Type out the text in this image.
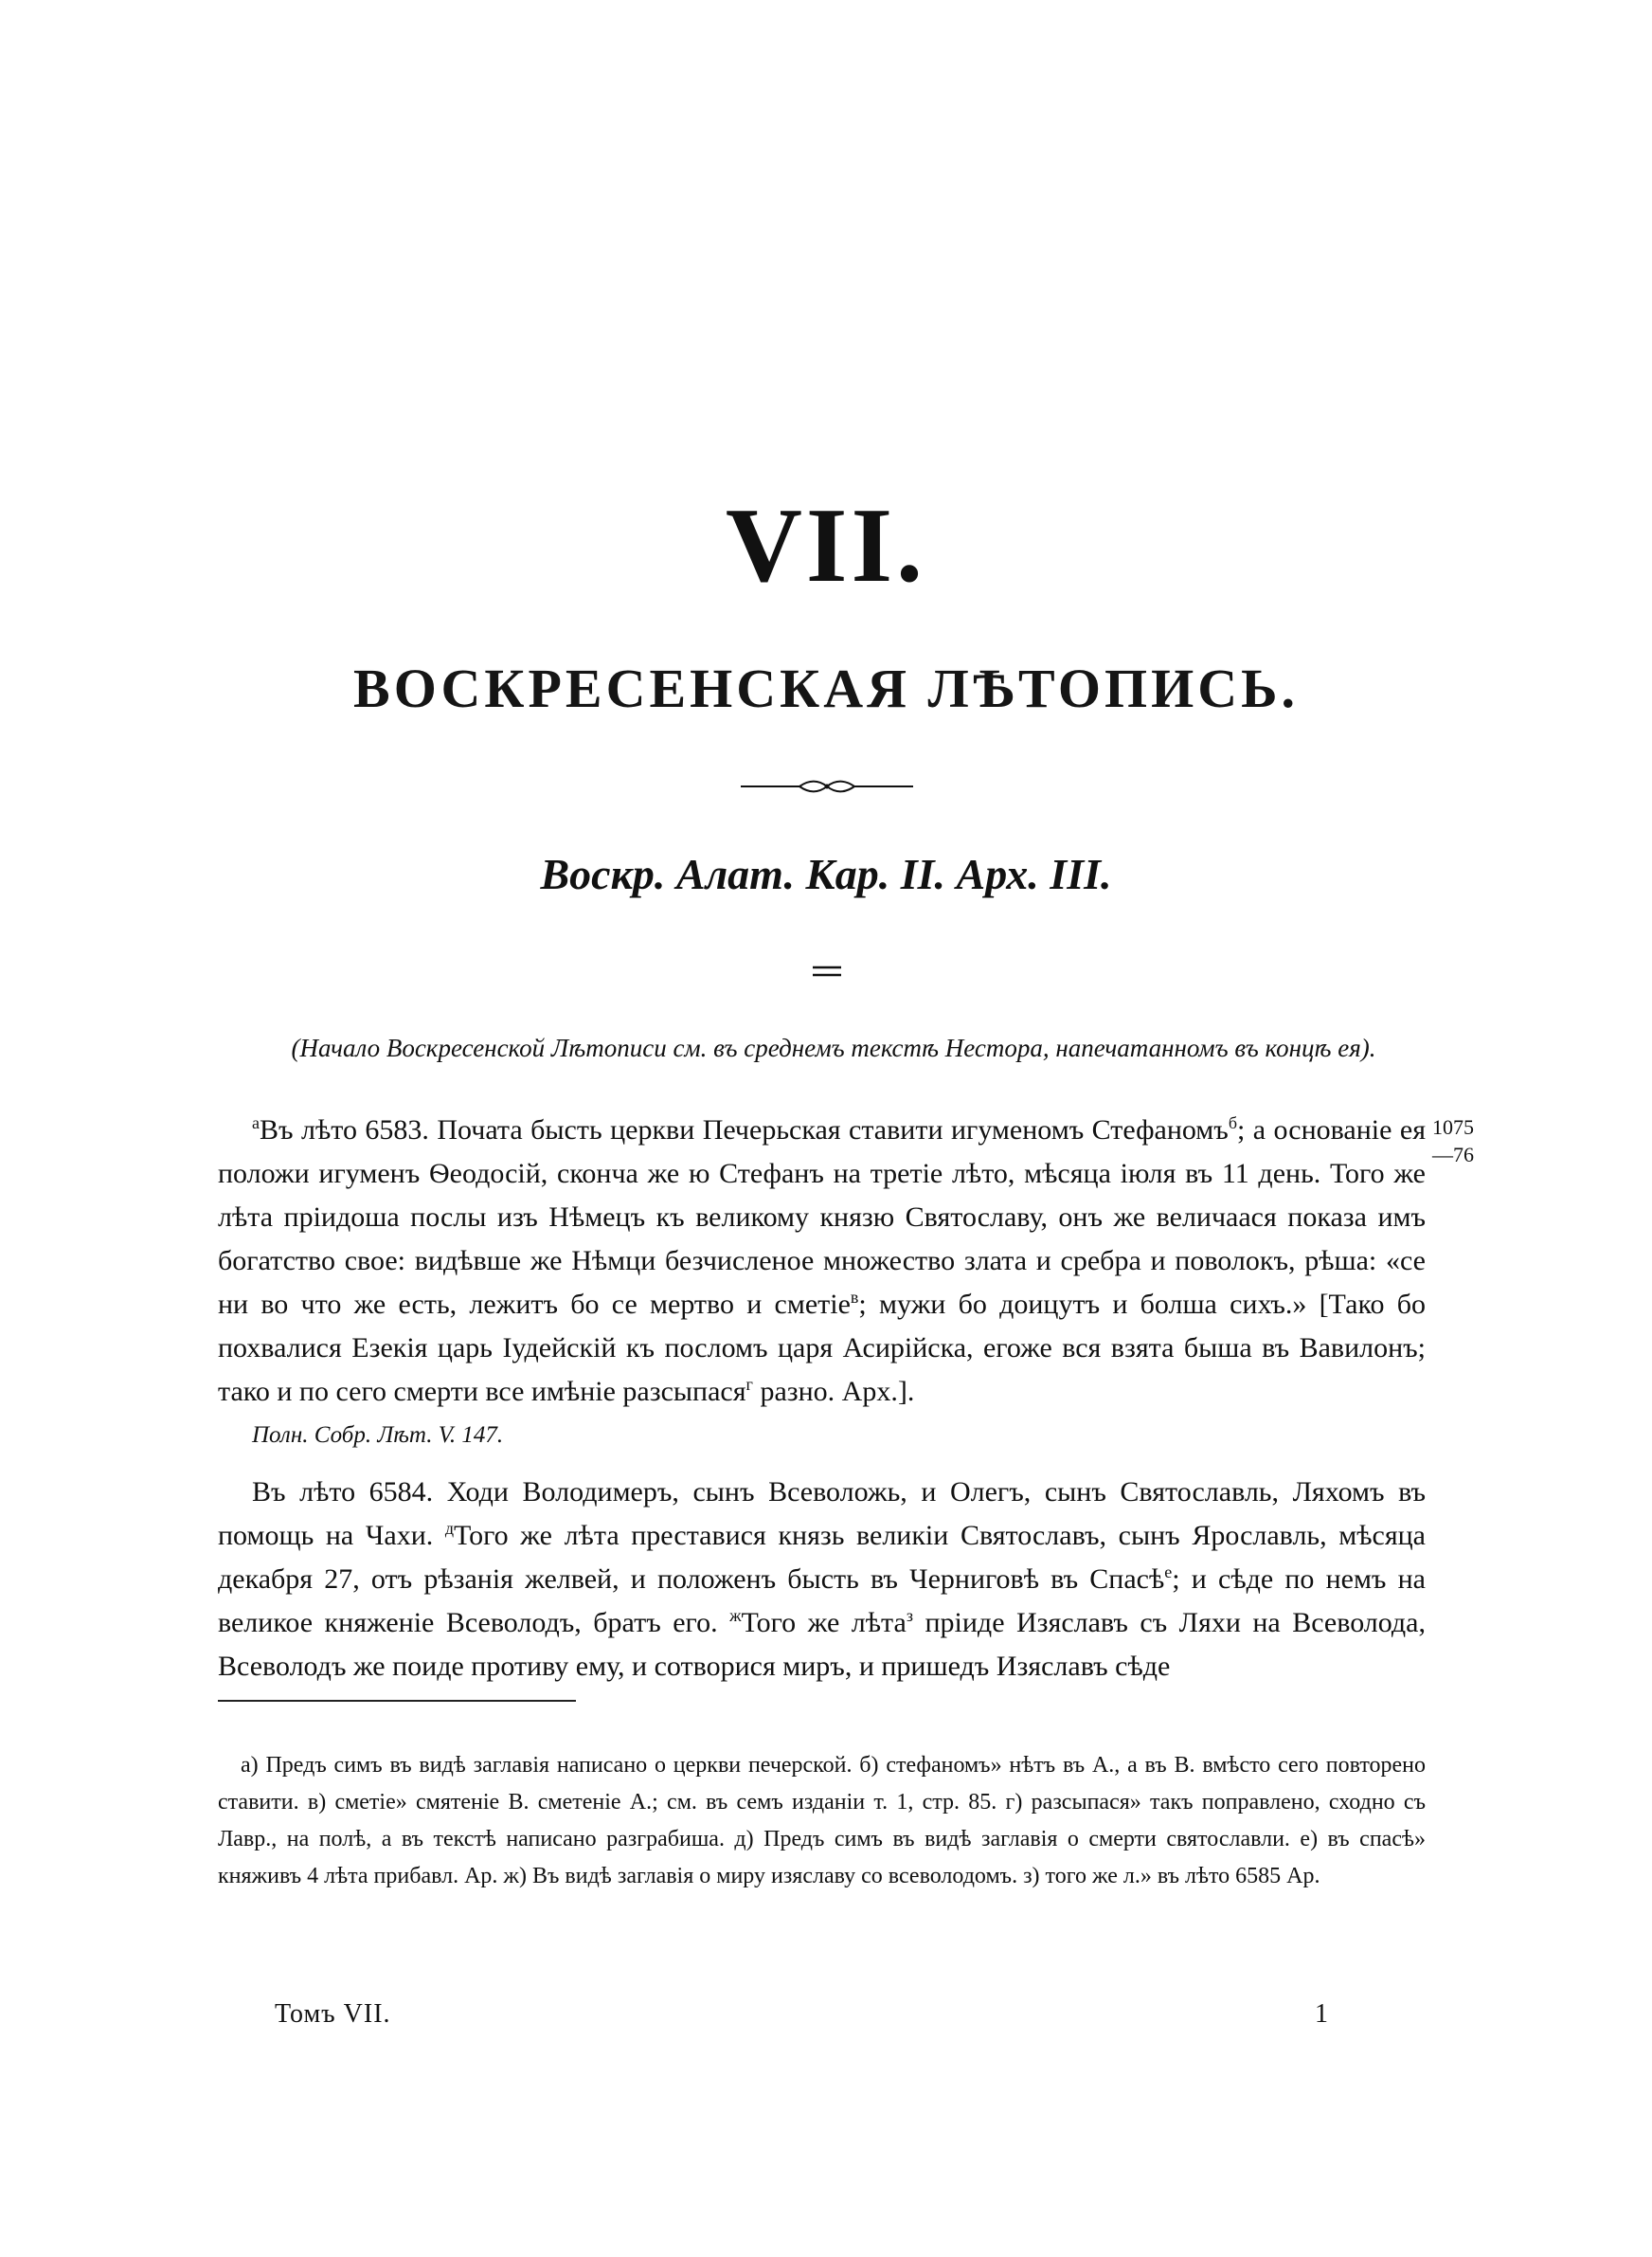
VII.
ВОСКРЕСЕНСКАЯ ЛѢТОПИСЬ.
Воскр. Алат. Кар. II. Арх. III.
(Начало Воскресенской Лѣтописи см. въ среднемъ текстѣ Нестора, напечатанномъ въ концѣ ея).
1075
—76

$^а$Въ лѣто 6583. Почата бысть церкви Печерьская ставити игуменомъ Стефаномъ$^б$; а основаніе ея положи игуменъ Ѳеодосій, сконча же ю Стефанъ на третіе лѣто, мѣсяца іюля въ 11 день. Того же лѣта пріидоша послы изъ Нѣмецъ къ великому князю Святославу, онъ же величаася показа имъ богатство свое: видѣвше же Нѣмци безчисленое множество злата и сребра и поволокъ, рѣша: «се ни во что же есть, лежитъ бо се мертво и сметіе$^в$; мужи бо доицутъ и болша сихъ.» [Тако бо похвалися Езекія царь Іудейскій къ посломъ царя Асирійска, егоже вся взята быша въ Вавилонъ; тако и по сего смерти все имѣніе разсыпася$^г$ разно. Арх.].

Полн. Собр. Лѣт. V. 147.

Въ лѣто 6584. Ходи Володимеръ, сынъ Всеволожь, и Олегъ, сынъ Святославль, Ляхомъ въ помощь на Чахи. $^д$Того же лѣта преставися князь великіи Святославъ, сынъ Ярославль, мѣсяца декабря 27, отъ рѣзанія желвей, и положенъ бысть въ Черниговѣ въ Спасѣ$^е$; и сѣде по немъ на великое княженіе Всеволодъ, братъ его. $^ж$Того же лѣта$^з$ пріиде Изяславъ съ Ляхи на Всеволода, Всеволодъ же поиде противу ему, и сотворися миръ, и пришедъ Изяславъ сѣде

а) Предъ симъ въ видѣ заглавія написано о церкви печерской. б) стефаномъ» нѣтъ въ А., а въ В. вмѣсто сего повторено ставити. в) сметіе» смятеніе В. сметеніе А.; см. въ семъ изданіи т. 1, стр. 85. г) разсыпася» такъ поправлено, сходно съ Лавр., на полѣ, а въ текстѣ написано разграбиша. д) Предъ симъ въ видѣ заглавія о смерти святославли. е) въ спасѣ» княживъ 4 лѣта прибавл. Ар. ж) Въ видѣ заглавія о миру изяславу со всеволодомъ. з) того же л.» въ лѣто 6585 Ар.

Томъ VII.	1
